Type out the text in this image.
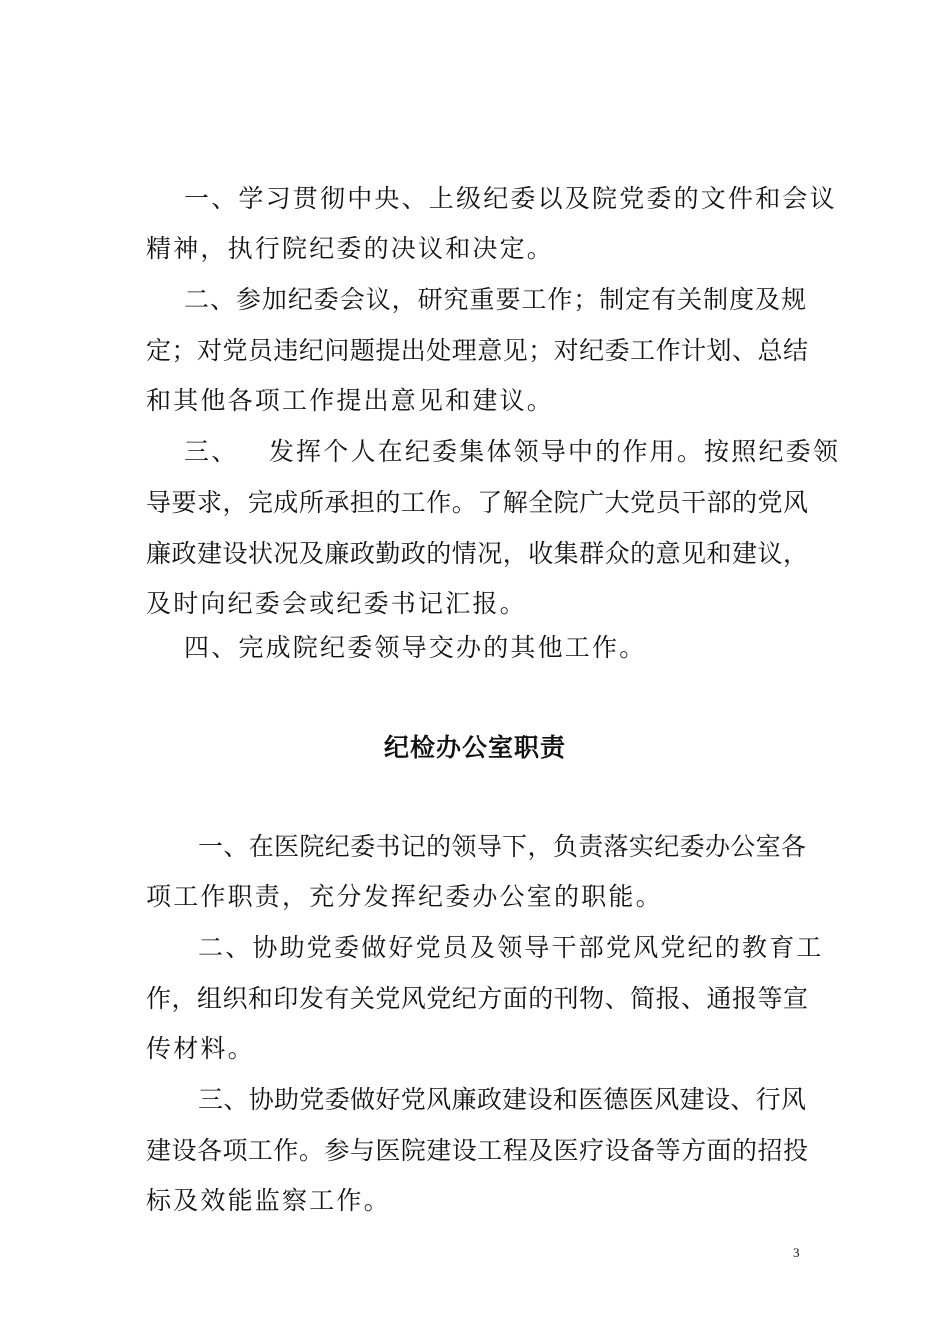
一、学习贯彻中央、上级纪委以及院党委的文件和会议
精神，执行院纪委的决议和决定。
二、参加纪委会议，研究重要工作；制定有关制度及规
定；对党员违纪问题提出处理意见；对纪委工作计划、总结
和其他各项工作提出意见和建议。
三、   发挥个人在纪委集体领导中的作用。按照纪委领
导要求，完成所承担的工作。了解全院广大党员干部的党风
廉政建设状况及廉政勤政的情况，收集群众的意见和建议，
及时向纪委会或纪委书记汇报。
四、完成院纪委领导交办的其他工作。
纪检办公室职责
一、在医院纪委书记的领导下，负责落实纪委办公室各
项工作职责，充分发挥纪委办公室的职能。
二、协助党委做好党员及领导干部党风党纪的教育工
作，组织和印发有关党风党纪方面的刊物、简报、通报等宣
传材料。
三、协助党委做好党风廉政建设和医德医风建设、行风
建设各项工作。参与医院建设工程及医疗设备等方面的招投
标及效能监察工作。
3
